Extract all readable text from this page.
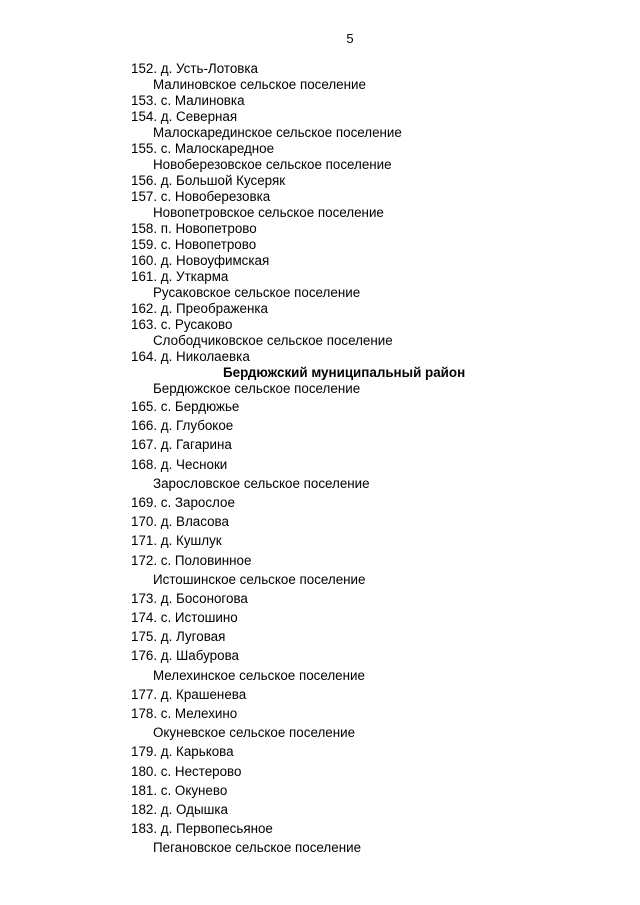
5
152. д. Усть-Лотовка
Малиновское сельское поселение
153. с. Малиновка
154. д. Северная
Малоскарединское сельское поселение
155. с. Малоскаредное
Новоберезовское сельское поселение
156. д. Большой Кусеряк
157. с. Новоберезовка
Новопетровское сельское поселение
158. п. Новопетрово
159. с. Новопетрово
160. д. Новоуфимская
161. д. Уткарма
Русаковское сельское поселение
162. д. Преображенка
163. с. Русаково
Слободчиковское сельское поселение
164. д. Николаевка
Бердюжский муниципальный район
Бердюжское сельское поселение
165. с. Бердюжье
166. д. Глубокое
167. д. Гагарина
168. д. Чесноки
Зарословское сельское поселение
169. с. Зарослое
170. д. Власова
171. д. Кушлук
172. с. Половинное
Истошинское сельское поселение
173. д. Босоногова
174. с. Истошино
175. д. Луговая
176. д. Шабурова
Мелехинское сельское поселение
177. д. Крашенева
178. с. Мелехино
Окуневское сельское поселение
179. д. Карькова
180. с. Нестерово
181. с. Окунево
182. д. Одышка
183. д. Первопесьяное
Пегановское сельское поселение
